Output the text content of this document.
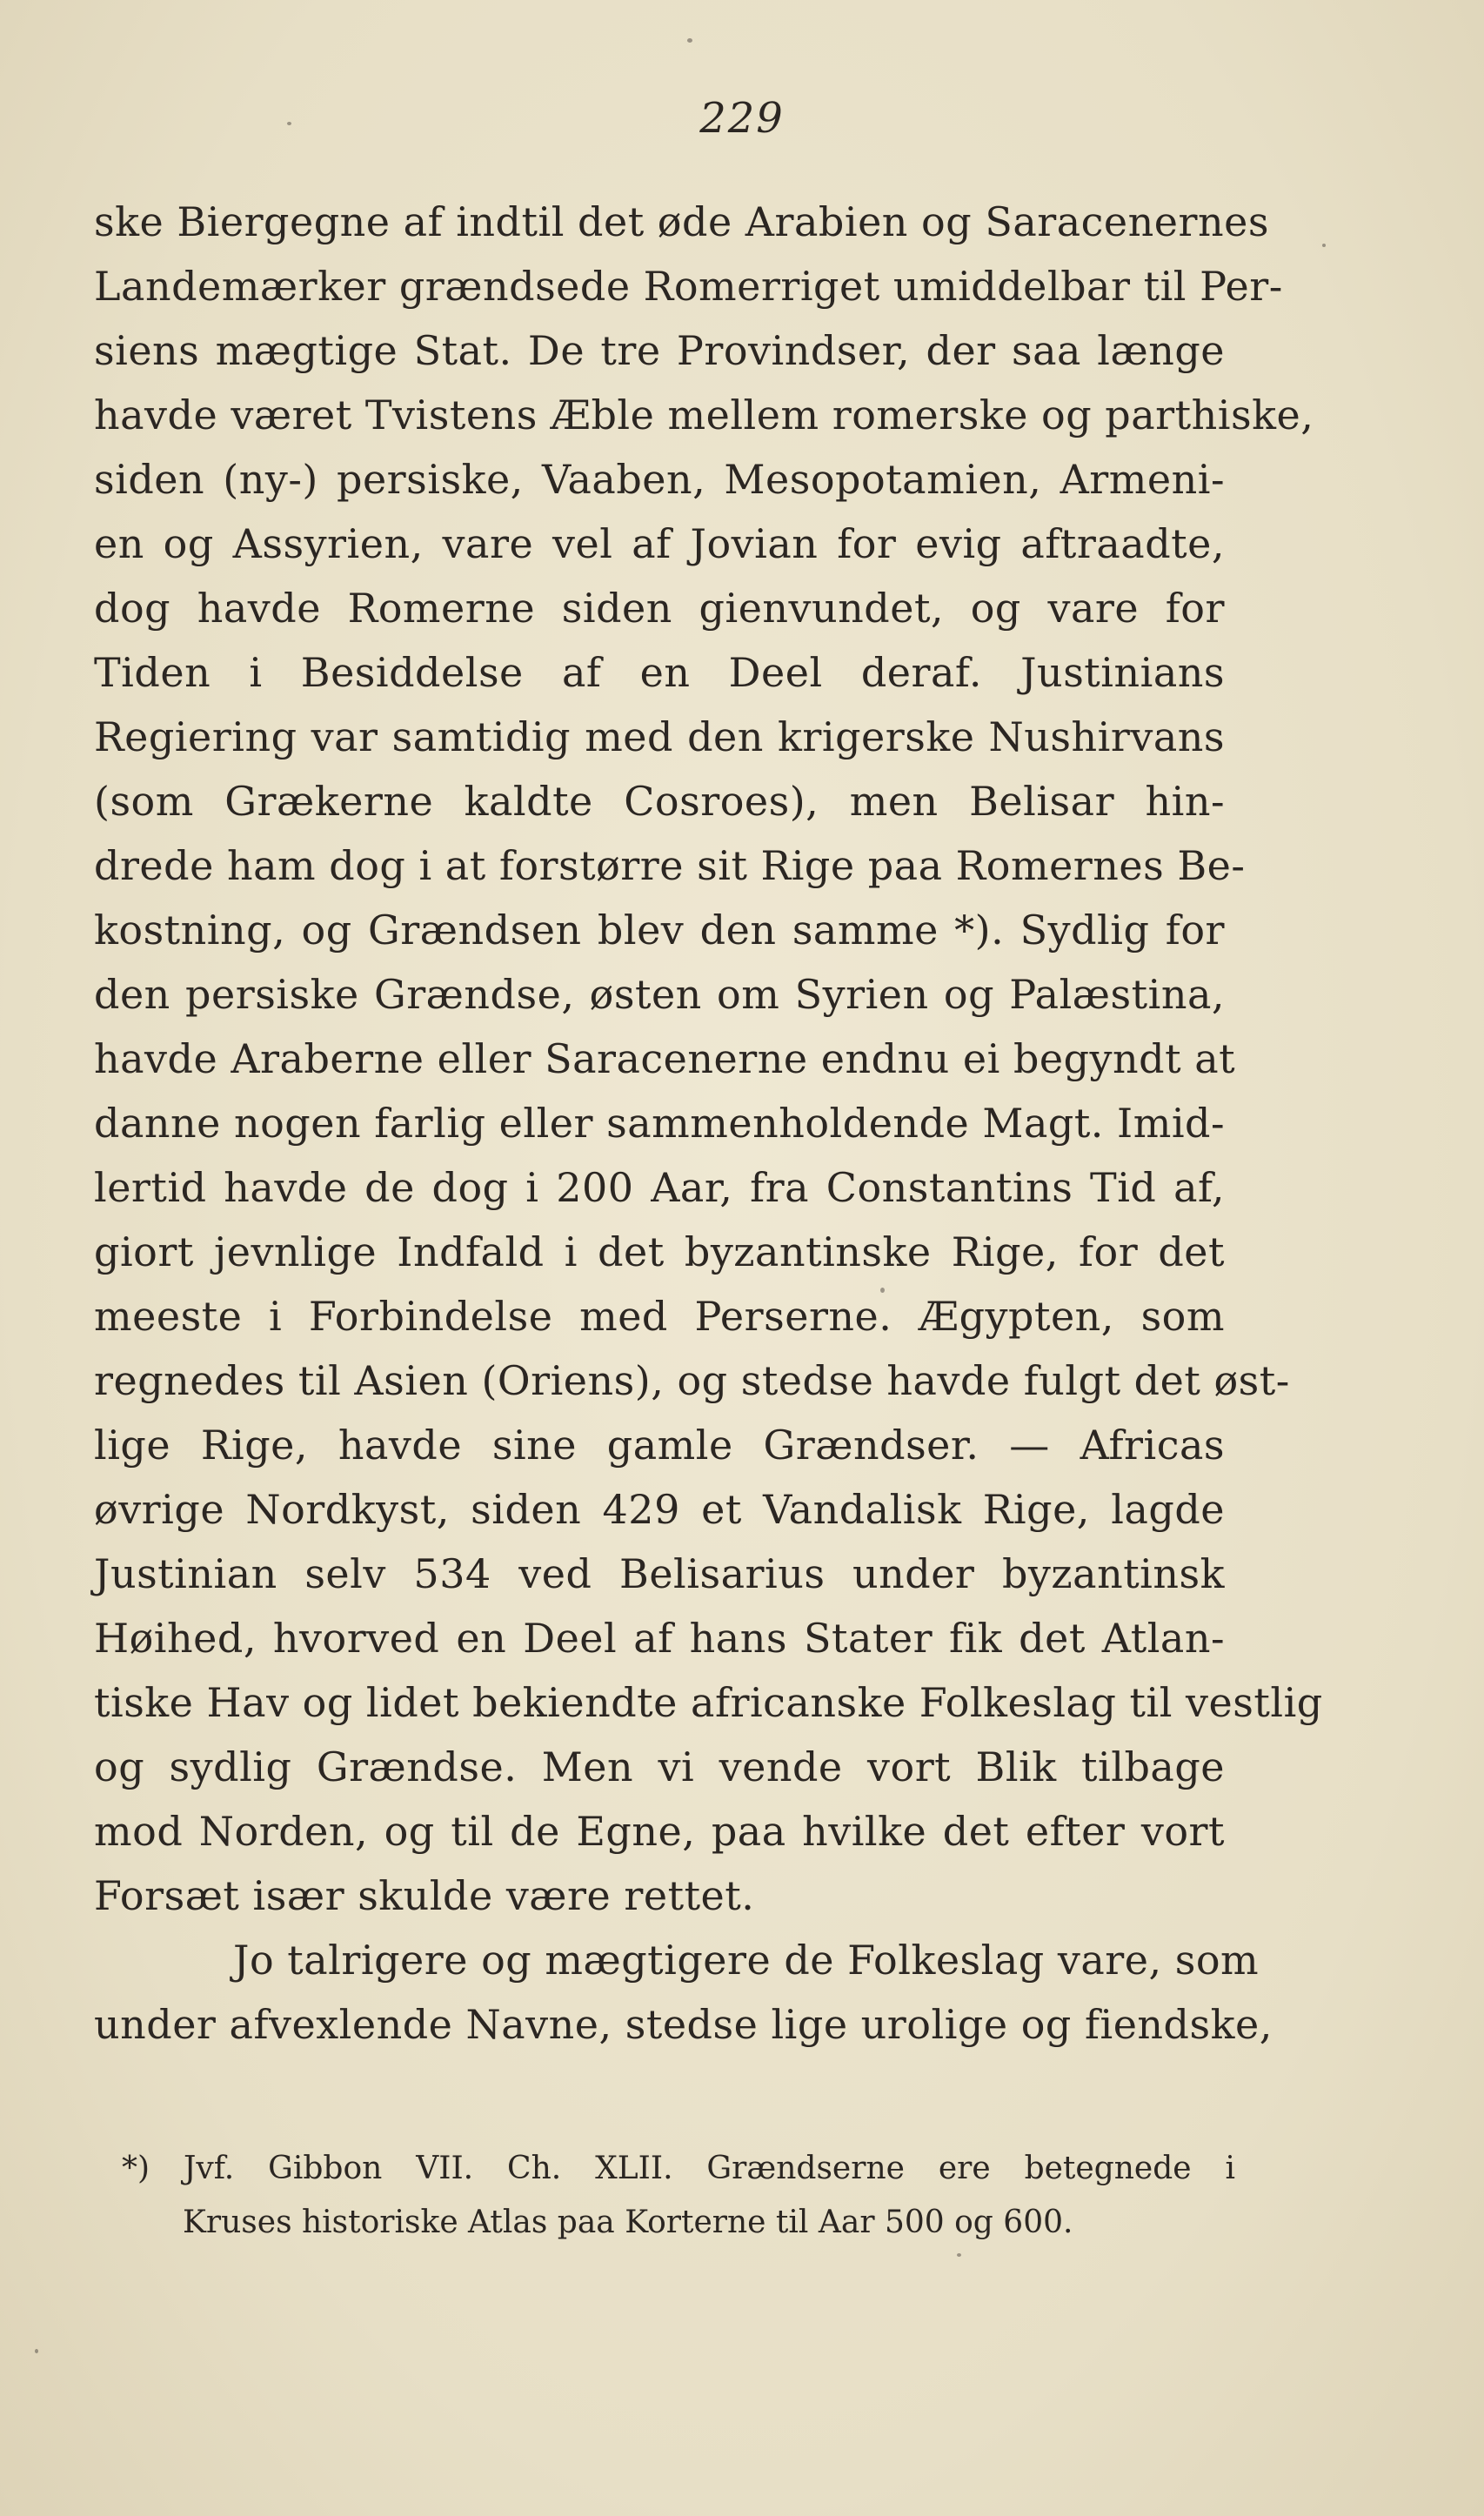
229
ske Biergegne af indtil det øde Arabien og Saracenernes
Landemærker grændsede Romerriget umiddelbar til Per-
siens mægtige Stat. De tre Provindser, der saa længe
havde været Tvistens Æble mellem romerske og parthiske,
siden (ny-) persiske, Vaaben, Mesopotamien, Armeni-
en og Assyrien, vare vel af Jovian for evig aftraadte,
dog havde Romerne siden gienvundet, og vare for
Tiden i Besiddelse af en Deel deraf. Justinians
Regiering var samtidig med den krigerske Nushirvans
(som Grækerne kaldte Cosroes), men Belisar hin-
drede ham dog i at forstørre sit Rige paa Romernes Be-
kostning, og Grændsen blev den samme *). Sydlig for
den persiske Grændse, østen om Syrien og Palæstina,
havde Araberne eller Saracenerne endnu ei begyndt at
danne nogen farlig eller sammenholdende Magt. Imid-
lertid havde de dog i 200 Aar, fra Constantins Tid af,
giort jevnlige Indfald i det byzantinske Rige, for det
meeste i Forbindelse med Perserne. Ægypten, som
regnedes til Asien (Oriens), og stedse havde fulgt det øst-
lige Rige, havde sine gamle Grændser. — Africas
øvrige Nordkyst, siden 429 et Vandalisk Rige, lagde
Justinian selv 534 ved Belisarius under byzantinsk
Høihed, hvorved en Deel af hans Stater fik det Atlan-
tiske Hav og lidet bekiendte africanske Folkeslag til vestlig
og sydlig Grændse. Men vi vende vort Blik tilbage
mod Norden, og til de Egne, paa hvilke det efter vort
Forsæt især skulde være rettet.
Jo talrigere og mægtigere de Folkeslag vare, som
under afvexlende Navne, stedse lige urolige og fiendske,
*) Jvf. Gibbon VII. Ch. XLII. Grændserne ere betegnede i
Kruses historiske Atlas paa Korterne til Aar 500 og 600.
